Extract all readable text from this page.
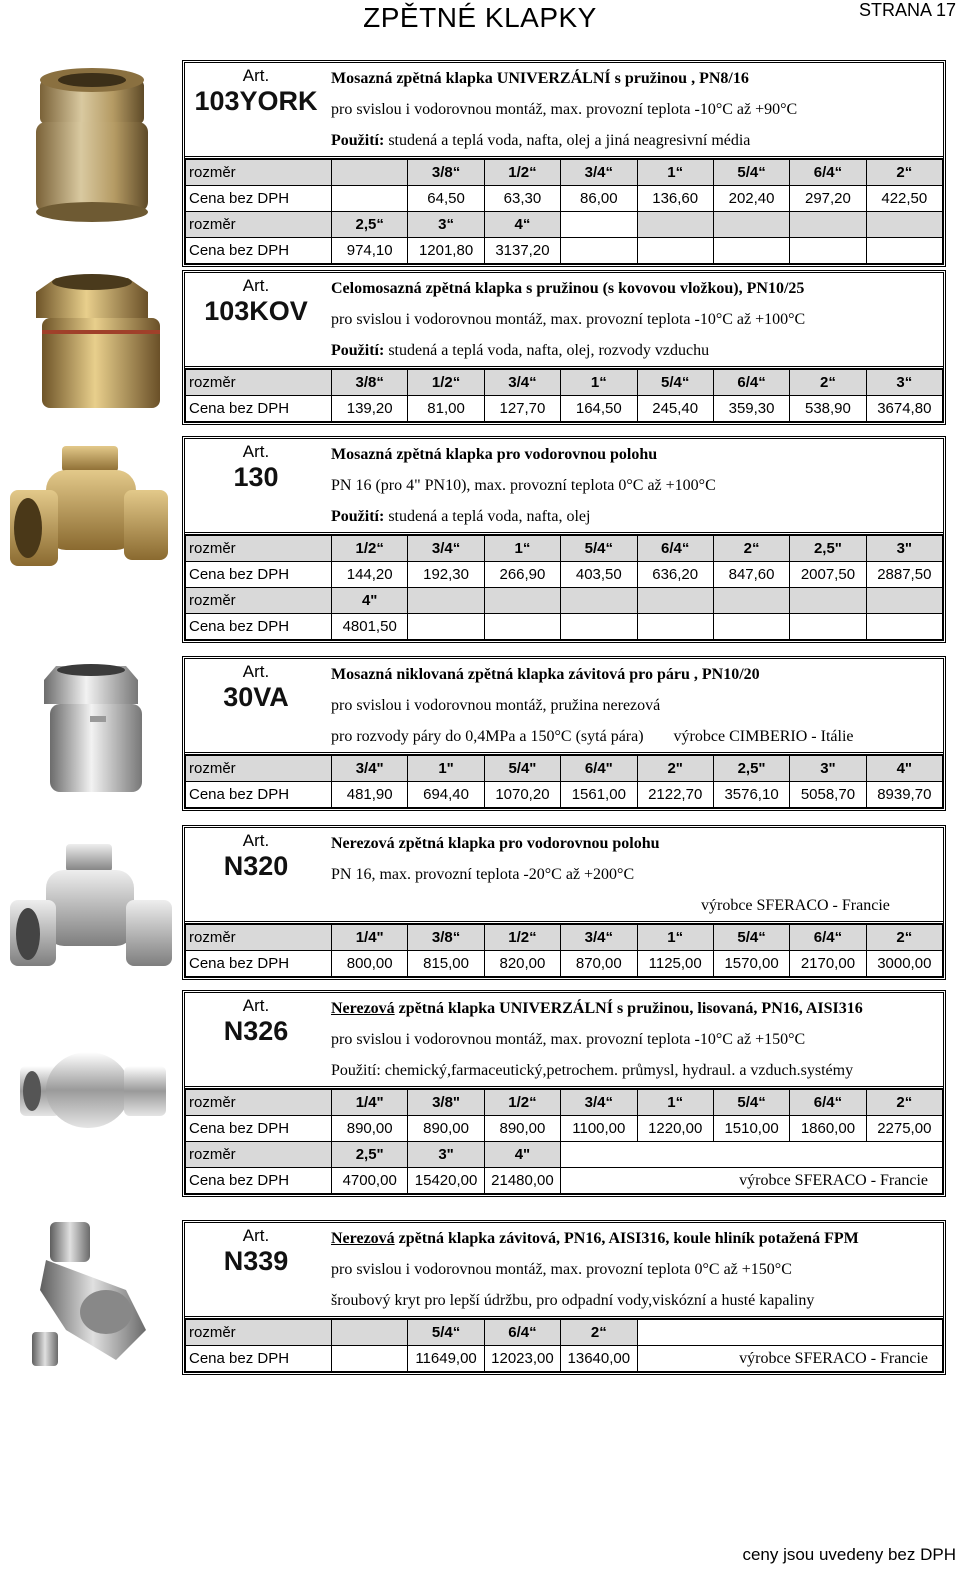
ZPĚTNÉ KLAPKY	STRANA 17
Art.
103YORK
Mosazná zpětná klapka UNIVERZÁLNÍ s pružinou , PN8/16
pro svislou i vodorovnou montáž, max. provozní teplota -10°C až +90°C
Použití: studená a teplá voda, nafta, olej a jiná neagresivní média
rozměr		3/8“	1/2“	3/4“	1“	5/4“	6/4“	2“
Cena bez DPH		64,50	63,30	86,00	136,60	202,40	297,20	422,50
rozměr	2,5“	3“	4“					
Cena bez DPH	974,10	1201,80	3137,20					
Art.
103KOV
Celomosazná zpětná klapka s pružinou (s kovovou vložkou), PN10/25
pro svislou i vodorovnou montáž, max. provozní teplota -10°C až +100°C
Použití: studená a teplá voda, nafta, olej, rozvody vzduchu
rozměr	3/8“	1/2“	3/4“	1“	5/4“	6/4“	2“	3“
Cena bez DPH	139,20	81,00	127,70	164,50	245,40	359,30	538,90	3674,80
Art.
130
Mosazná zpětná klapka pro vodorovnou polohu
PN 16 (pro 4" PN10), max. provozní teplota 0°C až +100°C
Použití: studená a teplá voda, nafta, olej
rozměr	1/2“	3/4“	1“	5/4“	6/4“	2“	2,5"	3"
Cena bez DPH	144,20	192,30	266,90	403,50	636,20	847,60	2007,50	2887,50
rozměr	4"							
Cena bez DPH	4801,50							
Art.
30VA
Mosazná niklovaná zpětná klapka závitová pro páru , PN10/20
pro svislou i vodorovnou montáž, pružina nerezová
pro rozvody páry do 0,4MPa a 150°C (sytá pára) výrobce CIMBERIO - Itálie
rozměr	3/4"	1"	5/4"	6/4"	2"	2,5"	3"	4"
Cena bez DPH	481,90	694,40	1070,20	1561,00	2122,70	3576,10	5058,70	8939,70
Art.
N320
Nerezová zpětná klapka pro vodorovnou polohu
PN 16, max. provozní teplota -20°C až +200°C
výrobce SFERACO - Francie
rozměr	1/4"	3/8“	1/2“	3/4“	1“	5/4“	6/4“	2“
Cena bez DPH	800,00	815,00	820,00	870,00	1125,00	1570,00	2170,00	3000,00
Art.
N326
Nerezová zpětná klapka UNIVERZÁLNÍ s pružinou, lisovaná, PN16, AISI316
pro svislou i vodorovnou montáž, max. provozní teplota -10°C až +150°C
Použití: chemický,farmaceutický,petrochem. průmysl, hydraul. a vzduch.systémy
rozměr	1/4"	3/8"	1/2“	3/4“	1“	5/4“	6/4“	2“
Cena bez DPH	890,00	890,00	890,00	1100,00	1220,00	1510,00	1860,00	2275,00
rozměr	2,5"	3"	4"					
Cena bez DPH	4700,00	15420,00	21480,00	výrobce SFERACO - Francie				
Art.
N339
Nerezová zpětná klapka závitová, PN16, AISI316, koule hliník potažená FPM
pro svislou i vodorovnou montáž, max. provozní teplota 0°C až +150°C
šroubový kryt pro lepší údržbu, pro odpadní vody,viskózní a husté kapaliny
rozměr		5/4“	6/4“	2“	
Cena bez DPH		11649,00	12023,00	13640,00	výrobce SFERACO - Francie
ceny jsou uvedeny bez DPH
